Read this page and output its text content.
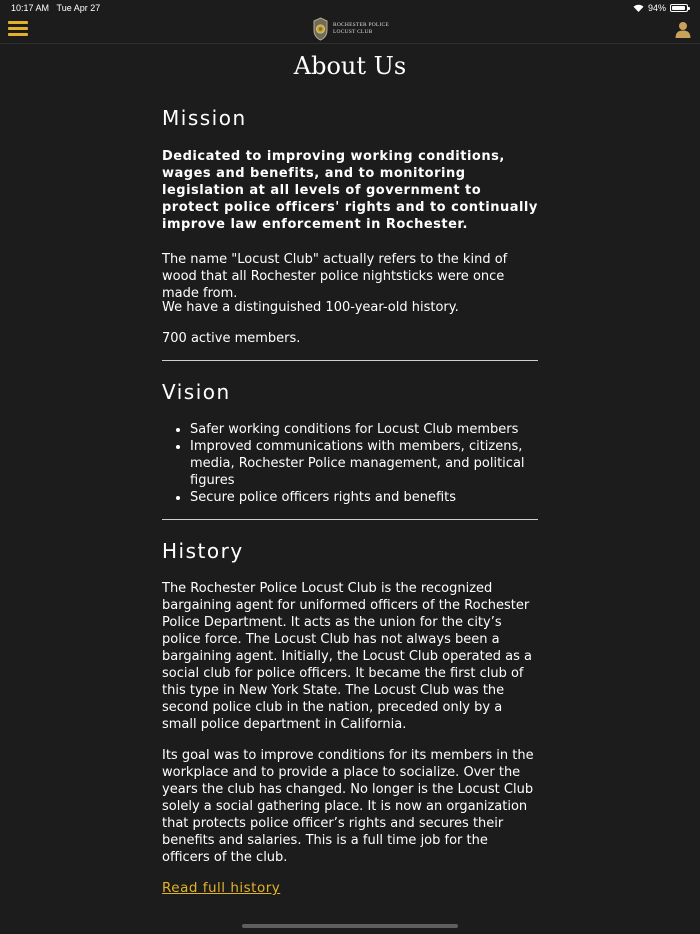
10:17 AM Tue Apr 27	94%
ROCHESTER POLICE
LOCUST CLUB
About Us
Mission

Dedicated to improving working conditions, wages and benefits, and to monitoring legislation at all levels of government to protect police officers' rights and to continually improve law enforcement in Rochester.

The name "Locust Club" actually refers to the kind of wood that all Rochester police nightsticks were once made from.

We have a distinguished 100-year-old history.

700 active members.

Vision
• Safer working conditions for Locust Club members
• Improved communications with members, citizens, media, Rochester Police management, and political figures
• Secure police officers rights and benefits
History

The Rochester Police Locust Club is the recognized bargaining agent for uniformed officers of the Rochester Police Department. It acts as the union for the city’s police force. The Locust Club has not always been a bargaining agent. Initially, the Locust Club operated as a social club for police officers. It became the first club of this type in New York State. The Locust Club was the second police club in the nation, preceded only by a small police department in California.

Its goal was to improve conditions for its members in the workplace and to provide a place to socialize. Over the years the club has changed. No longer is the Locust Club solely a social gathering place. It is now an organization that protects police officer’s rights and secures their benefits and salaries. This is a full time job for the officers of the club.

Read full history
